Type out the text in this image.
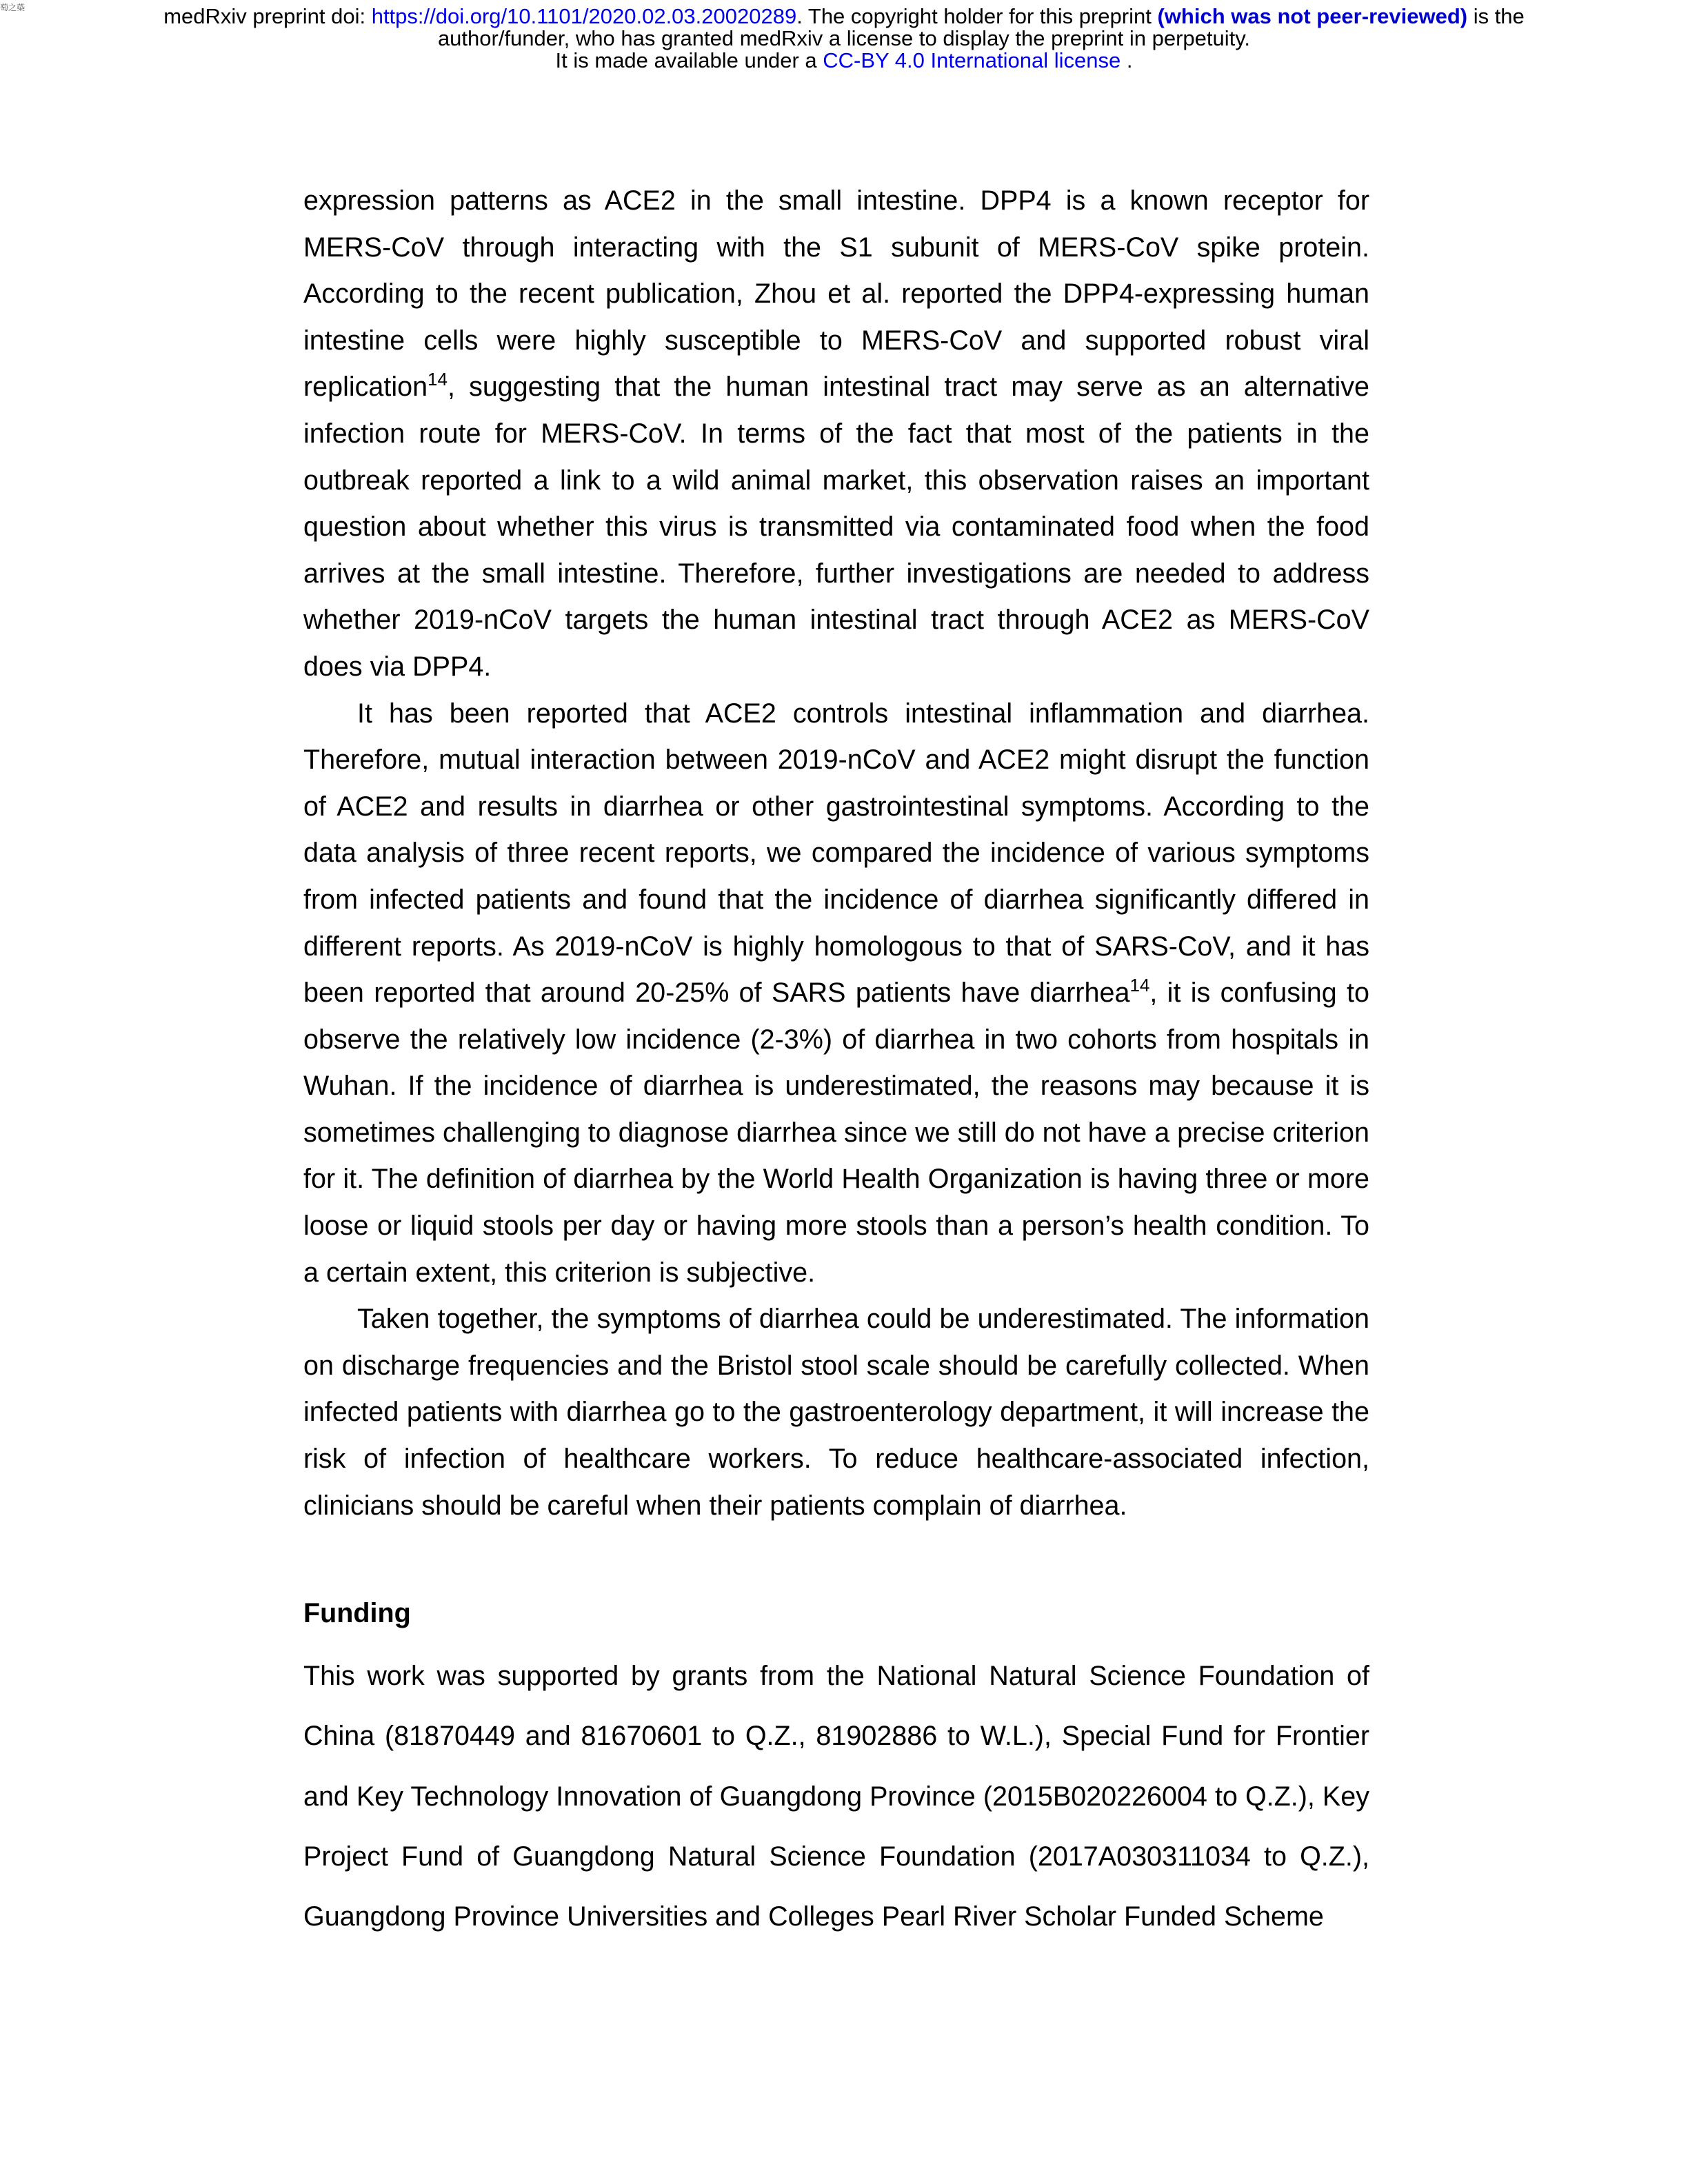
萄之蒅	medRxiv preprint doi: https://doi.org/10.1101/2020.02.03.20020289. The copyright holder for this preprint (which was not peer-reviewed) is the
author/funder, who has granted medRxiv a license to display the preprint in perpetuity.
It is made available under a CC-BY 4.0 International license .

expression patterns as ACE2 in the small intestine. DPP4 is a known receptor for MERS-CoV through interacting with the S1 subunit of MERS-CoV spike protein. According to the recent publication, Zhou et al. reported the DPP4-expressing human intestine cells were highly susceptible to MERS-CoV and supported robust viral replication$^{14}$, suggesting that the human intestinal tract may serve as an alternative infection route for MERS-CoV. In terms of the fact that most of the patients in the outbreak reported a link to a wild animal market, this observation raises an important question about whether this virus is transmitted via contaminated food when the food arrives at the small intestine. Therefore, further investigations are needed to address whether 2019-nCoV targets the human intestinal tract through ACE2 as MERS-CoV does via DPP4.

It has been reported that ACE2 controls intestinal inflammation and diarrhea. Therefore, mutual interaction between 2019-nCoV and ACE2 might disrupt the function of ACE2 and results in diarrhea or other gastrointestinal symptoms. According to the data analysis of three recent reports, we compared the incidence of various symptoms from infected patients and found that the incidence of diarrhea significantly differed in different reports. As 2019-nCoV is highly homologous to that of SARS-CoV, and it has been reported that around 20-25% of SARS patients have diarrhea$^{14}$, it is confusing to observe the relatively low incidence (2-3%) of diarrhea in two cohorts from hospitals in Wuhan. If the incidence of diarrhea is underestimated, the reasons may because it is sometimes challenging to diagnose diarrhea since we still do not have a precise criterion for it. The definition of diarrhea by the World Health Organization is having three or more loose or liquid stools per day or having more stools than a person’s health condition. To a certain extent, this criterion is subjective.

Taken together, the symptoms of diarrhea could be underestimated. The information on discharge frequencies and the Bristol stool scale should be carefully collected. When infected patients with diarrhea go to the gastroenterology department, it will increase the risk of infection of healthcare workers. To reduce healthcare-associated infection, clinicians should be careful when their patients complain of diarrhea.

Funding

This work was supported by grants from the National Natural Science Foundation of China (81870449 and 81670601 to Q.Z., 81902886 to W.L.), Special Fund for Frontier and Key Technology Innovation of Guangdong Province (2015B020226004 to Q.Z.), Key Project Fund of Guangdong Natural Science Foundation (2017A030311034 to Q.Z.), Guangdong Province Universities and Colleges Pearl River Scholar Funded Scheme
